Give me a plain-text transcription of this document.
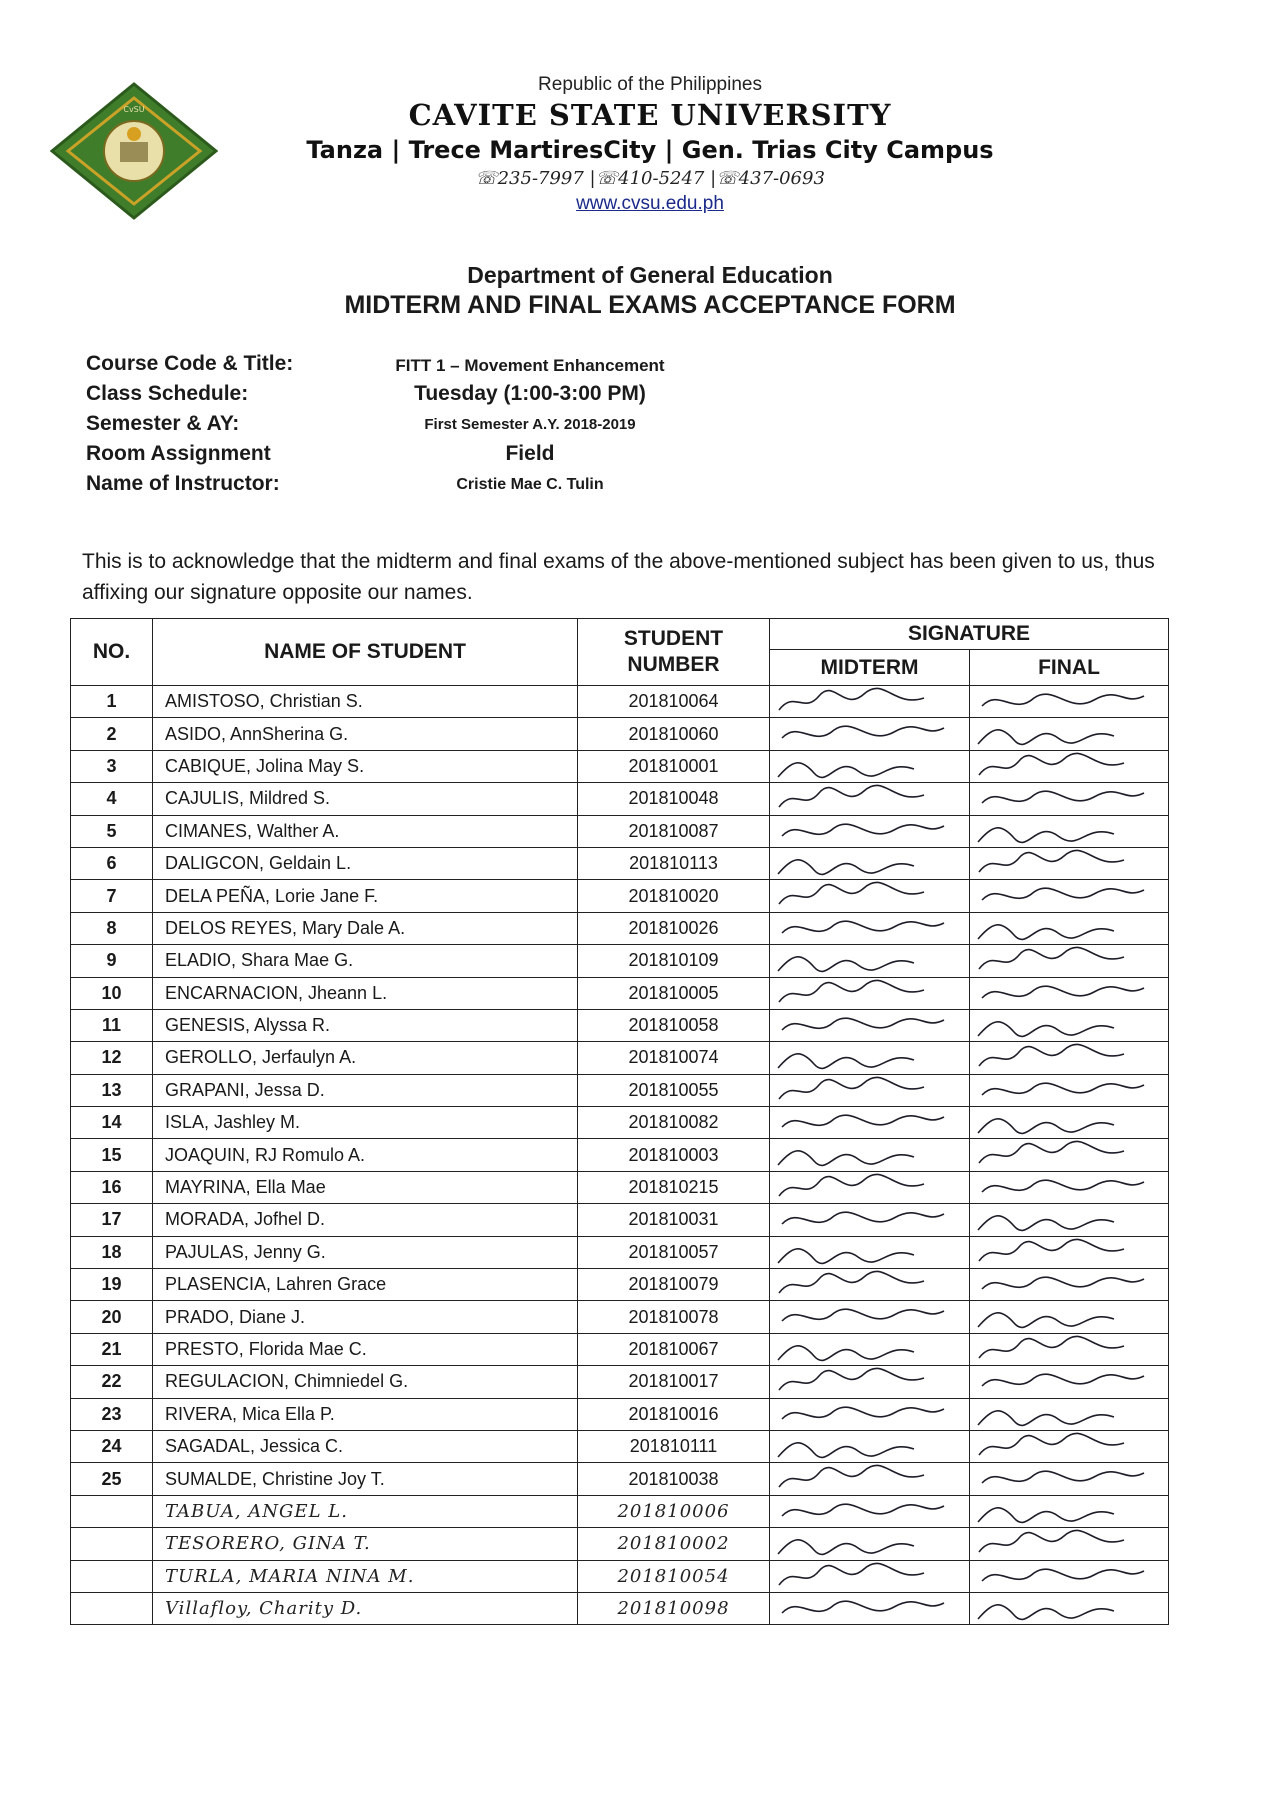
CvSU

Republic of the Philippines

CAVITE STATE UNIVERSITY

Tanza | Trece MartiresCity | Gen. Trias City Campus

☏235-7997 |☏410-5247 |☏437-0693

www.cvsu.edu.ph

Department of General Education

MIDTERM AND FINAL EXAMS ACCEPTANCE FORM

Course Code & Title:	FITT 1 – Movement Enhancement
Class Schedule:	Tuesday (1:00-3:00 PM)
Semester & AY:	First Semester A.Y. 2018-2019
Room Assignment	Field
Name of Instructor:	Cristie Mae C. Tulin

This is to acknowledge that the midterm and final exams of the above-mentioned subject has been given to us, thus affixing our signature opposite our names.

NO.	NAME OF STUDENT	STUDENT NUMBER	SIGNATURE	
			MIDTERM	FINAL
1	AMISTOSO, Christian S.	201810064	

2	ASIDO, AnnSherina G.	201810060	

3	CABIQUE, Jolina May S.	201810001	

4	CAJULIS, Mildred S.	201810048	

5	CIMANES, Walther A.	201810087	

6	DALIGCON, Geldain L.	201810113	

7	DELA PEÑA, Lorie Jane F.	201810020	

8	DELOS REYES, Mary Dale A.	201810026	

9	ELADIO, Shara Mae G.	201810109	

10	ENCARNACION, Jheann L.	201810005	

11	GENESIS, Alyssa R.	201810058	

12	GEROLLO, Jerfaulyn A.	201810074	

13	GRAPANI, Jessa D.	201810055	

14	ISLA, Jashley M.	201810082	

15	JOAQUIN, RJ Romulo A.	201810003	

16	MAYRINA, Ella Mae	201810215	

17	MORADA, Jofhel D.	201810031	

18	PAJULAS, Jenny G.	201810057	

19	PLASENCIA, Lahren Grace	201810079	

20	PRADO, Diane J.	201810078	

21	PRESTO, Florida Mae C.	201810067	

22	REGULACION, Chimniedel G.	201810017	

23	RIVERA, Mica Ella P.	201810016	

24	SAGADAL, Jessica C.	201810111	

25	SUMALDE, Christine Joy T.	201810038	

	TABUA, ANGEL L.	201810006	

	TESORERO, GINA T.	201810002	

	TURLA, MARIA NINA M.	201810054	

	Villafloy, Charity D.	201810098	
